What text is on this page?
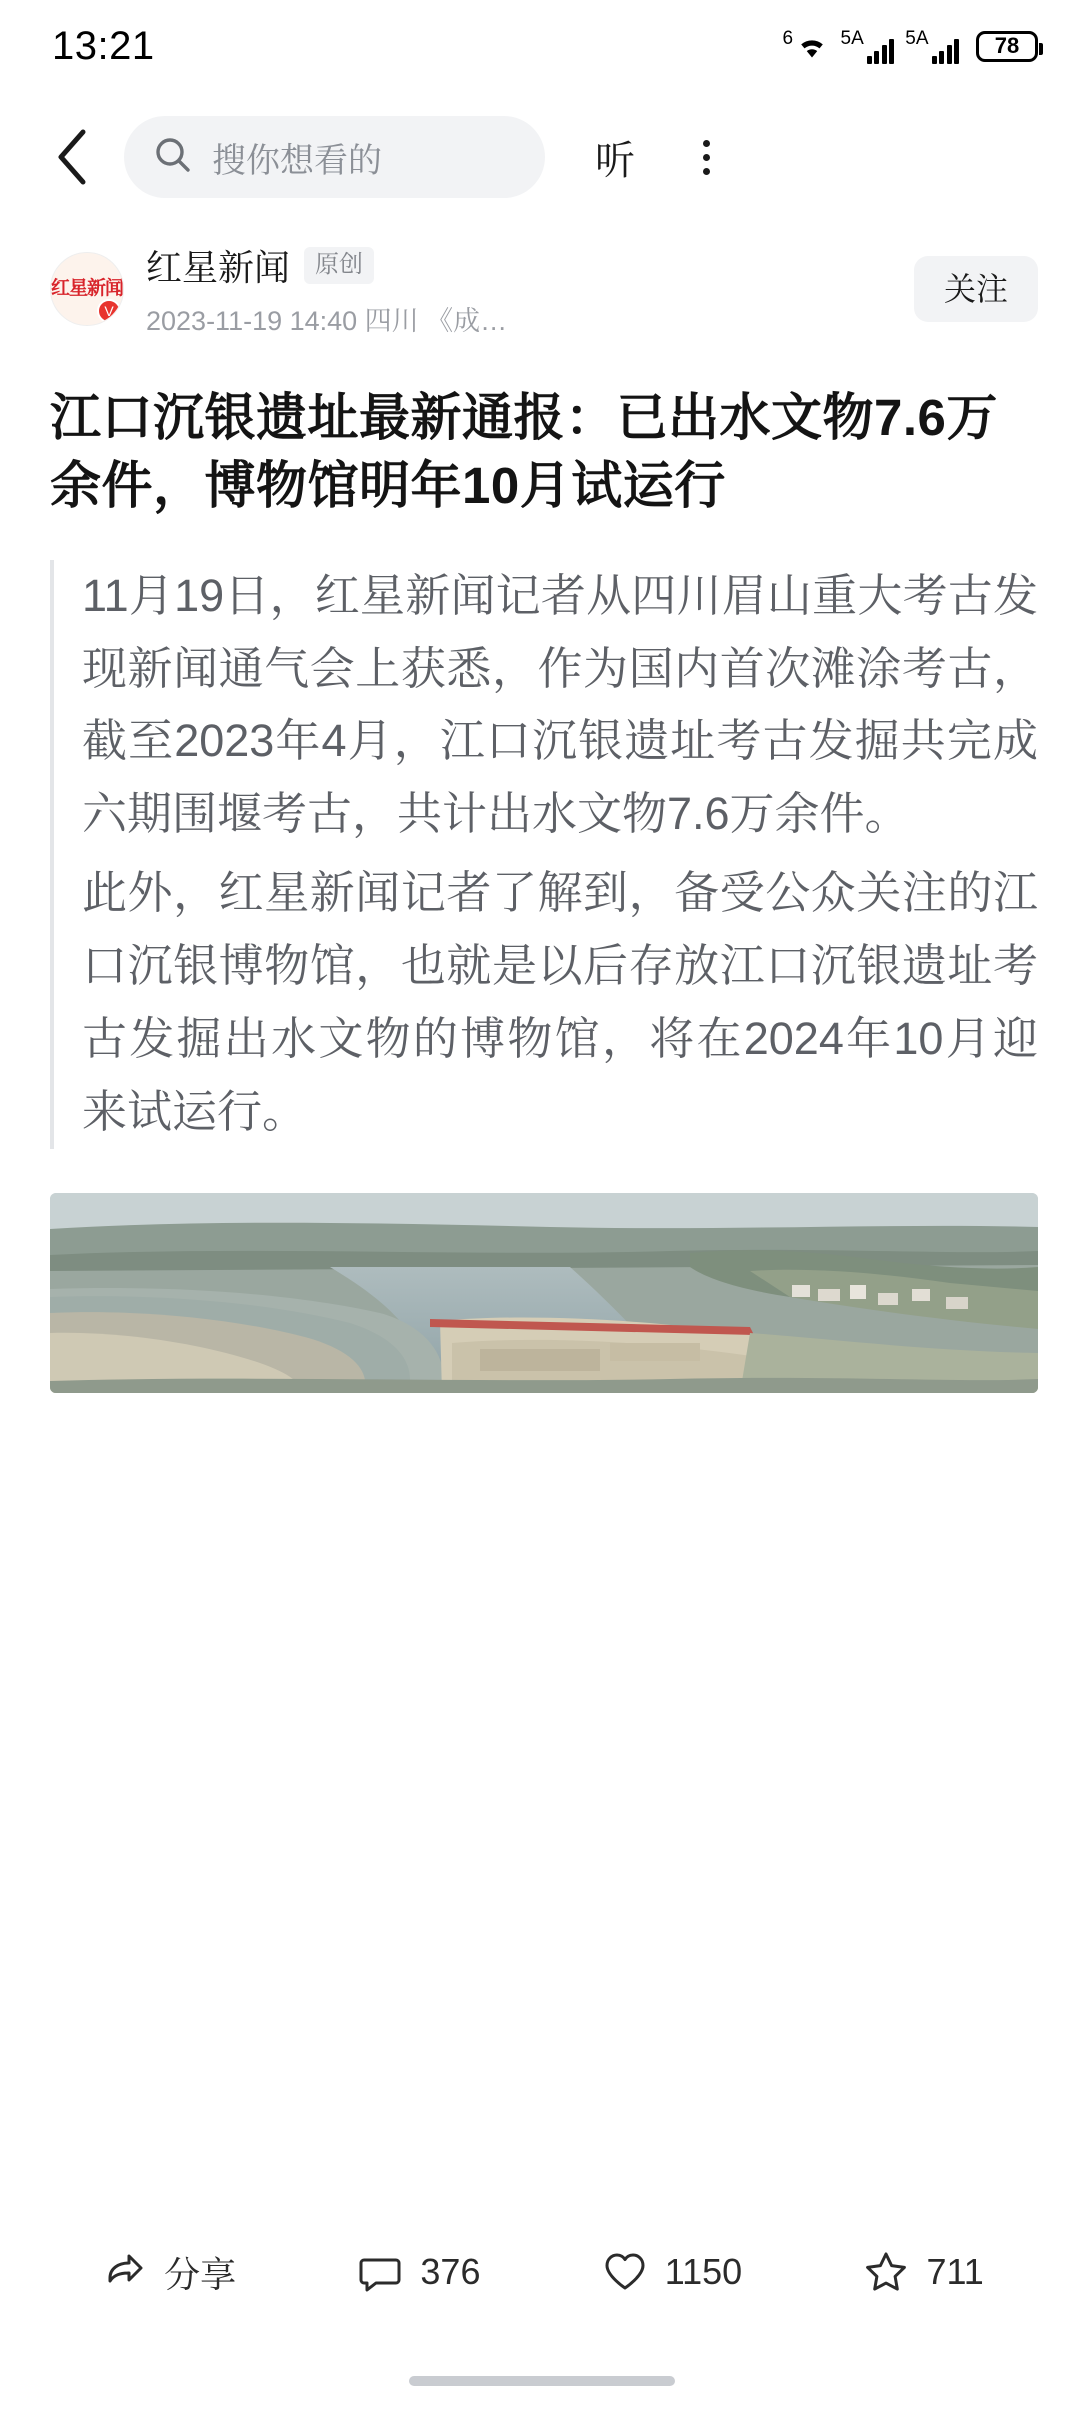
13:21	6 5A 5A	78
搜你想看的	听
红星新闻
V
红星新闻	原创
2023-11-19 14:40 四川 《成…
关注
江口沉银遗址最新通报：已出水文物7.6万余件，博物馆明年10月试运行

11月19日，红星新闻记者从四川眉山重大考古发现新闻通气会上获悉，作为国内首次滩涂考古，截至2023年4月，江口沉银遗址考古发掘共完成六期围堰考古，共计出水文物7.6万余件。

此外，红星新闻记者了解到，备受公众关注的江口沉银博物馆，也就是以后存放江口沉银遗址考古发掘出水文物的博物馆，将在2024年10月迎来试运行。

分享	376	1150	711
